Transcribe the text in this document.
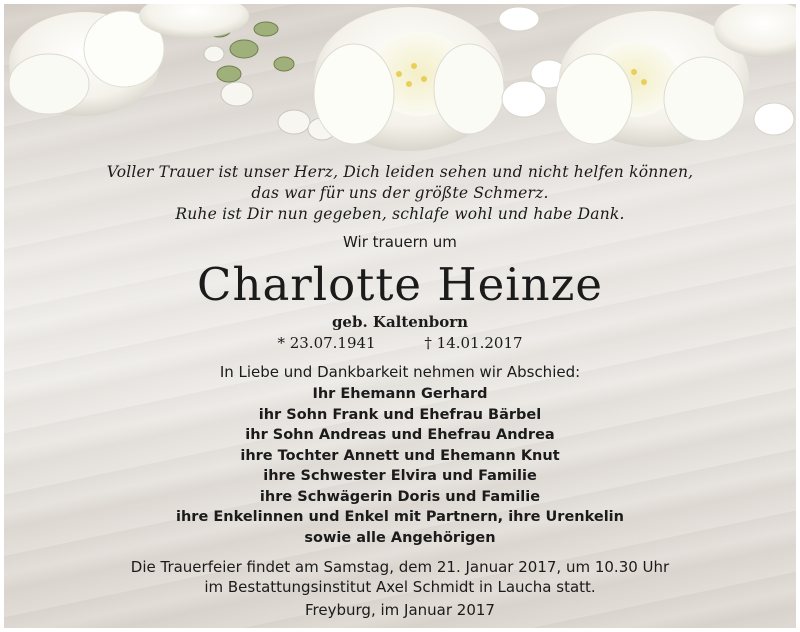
Voller Trauer ist unser Herz, Dich leiden sehen und nicht helfen können,
das war für uns der größte Schmerz.
Ruhe ist Dir nun gegeben, schlafe wohl und habe Dank.
Wir trauern um
Charlotte Heinze
geb. Kaltenborn
* 23.07.1941	† 14.01.2017
In Liebe und Dankbarkeit nehmen wir Abschied:
Ihr Ehemann Gerhard
ihr Sohn Frank und Ehefrau Bärbel
ihr Sohn Andreas und Ehefrau Andrea
ihre Tochter Annett und Ehemann Knut
ihre Schwester Elvira und Familie
ihre Schwägerin Doris und Familie
ihre Enkelinnen und Enkel mit Partnern, ihre Urenkelin
sowie alle Angehörigen
Die Trauerfeier findet am Samstag, dem 21. Januar 2017, um 10.30 Uhr
im Bestattungsinstitut Axel Schmidt in Laucha statt.
Freyburg, im Januar 2017
